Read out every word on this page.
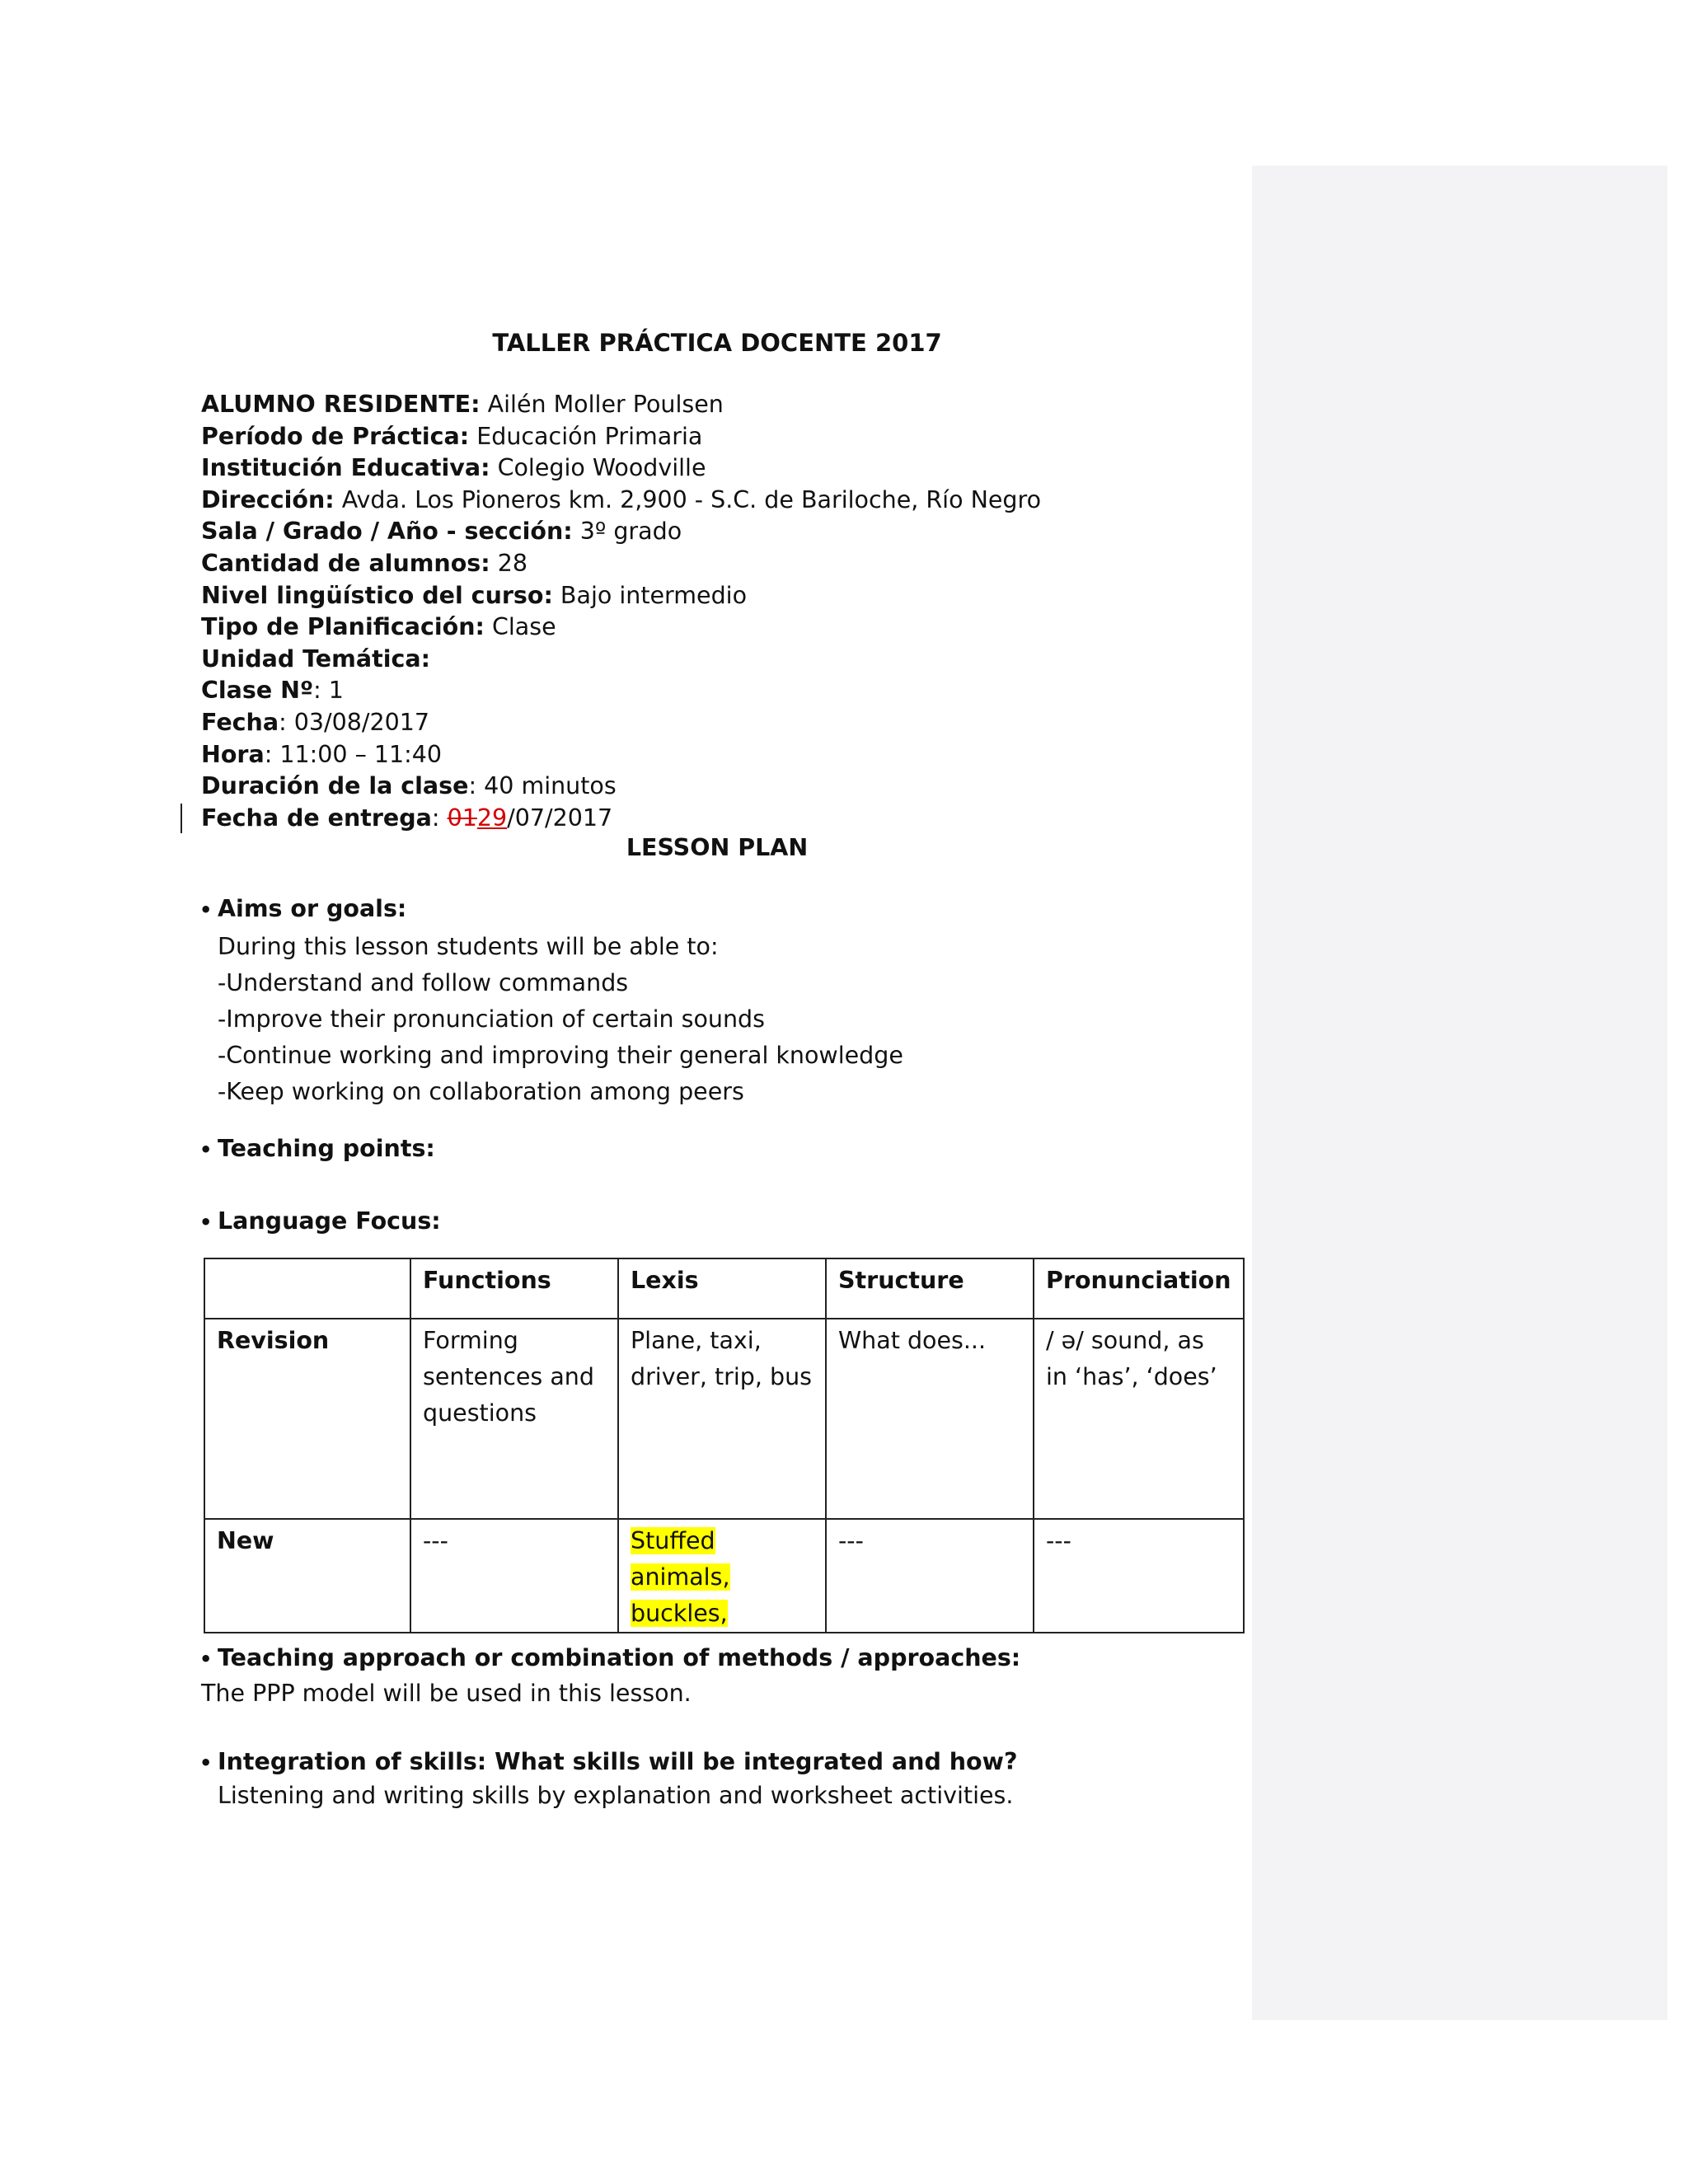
TALLER PRÁCTICA DOCENTE 2017
ALUMNO RESIDENTE: Ailén Moller Poulsen
Período de Práctica: Educación Primaria
Institución Educativa: Colegio Woodville
Dirección: Avda. Los Pioneros km. 2,900 - S.C. de Bariloche, Río Negro
Sala / Grado / Año - sección: 3º grado
Cantidad de alumnos: 28
Nivel lingüístico del curso: Bajo intermedio
Tipo de Planificación: Clase
Unidad Temática:
Clase Nº: 1
Fecha: 03/08/2017
Hora: 11:00 – 11:40
Duración de la clase: 40 minutos
Fecha de entrega: 0129/07/2017
LESSON PLAN
• Aims or goals:
During this lesson students will be able to:
-Understand and follow commands
-Improve their pronunciation of certain sounds
-Continue working and improving their general knowledge
-Keep working on collaboration among peers
• Teaching points:
• Language Focus:
	Functions	Lexis	Structure	Pronunciation
Revision	Forming sentences and questions	Plane, taxi, driver, trip, bus	What does...	/ ə/ sound, as in ‘has’, ‘does’
New	---	Stuffed animals, buckles,	---	---
• Teaching approach or combination of methods / approaches:
The PPP model will be used in this lesson.
• Integration of skills: What skills will be integrated and how?
Listening and writing skills by explanation and worksheet activities.
